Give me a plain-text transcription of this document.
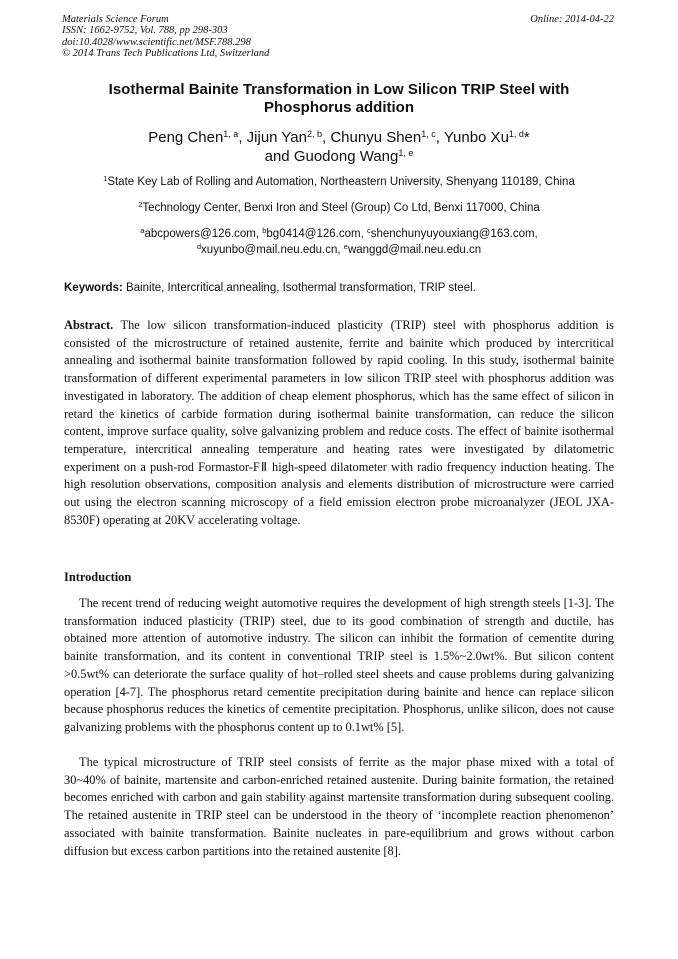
Materials Science Forum
ISSN: 1662-9752, Vol. 788, pp 298-303
doi:10.4028/www.scientific.net/MSF.788.298
© 2014 Trans Tech Publications Ltd, Switzerland
Online: 2014-04-22
Isothermal Bainite Transformation in Low Silicon TRIP Steel with
Phosphorus addition
Peng Chen$^{1, a}$, Jijun Yan$^{2, b}$, Chunyu Shen$^{1, c}$, Yunbo Xu$^{1, d}$*
and Guodong Wang$^{1, e}$
$^1$State Key Lab of Rolling and Automation, Northeastern University, Shenyang 110189, China
$^2$Technology Center, Benxi Iron and Steel (Group) Co Ltd, Benxi 117000, China
$^a$abcpowers@126.com, $^b$bg0414@126.com, $^c$shenchunyuyouxiang@163.com,
$^d$xuyunbo@mail.neu.edu.cn, $^e$wanggd@mail.neu.edu.cn
Keywords: Bainite, Intercritical annealing, Isothermal transformation, TRIP steel.
Abstract. The low silicon transformation-induced plasticity (TRIP) steel with phosphorus addition is consisted of the microstructure of retained austenite, ferrite and bainite which produced by intercritical annealing and isothermal bainite transformation followed by rapid cooling. In this study, isothermal bainite transformation of different experimental parameters in low silicon TRIP steel with phosphorus addition was investigated in laboratory. The addition of cheap element phosphorus, which has the same effect of silicon in retard the kinetics of carbide formation during isothermal bainite transformation, can reduce the silicon content, improve surface quality, solve galvanizing problem and reduce costs. The effect of bainite isothermal temperature, intercritical annealing temperature and heating rates were investigated by dilatometric experiment on a push-rod Formastor-FⅡ high-speed dilatometer with radio frequency induction heating. The high resolution observations, composition analysis and elements distribution of microstructure were carried out using the electron scanning microscopy of a field emission electron probe microanalyzer (JEOL JXA-8530F) operating at 20KV accelerating voltage.
Introduction
The recent trend of reducing weight automotive requires the development of high strength steels [1-3]. The transformation induced plasticity (TRIP) steel, due to its good combination of strength and ductile, has obtained more attention of automotive industry. The silicon can inhibit the formation of cementite during bainite transformation, and its content in conventional TRIP steel is 1.5%~2.0wt%. But silicon content >0.5wt% can deteriorate the surface quality of hot–rolled steel sheets and cause problems during galvanizing operation [4-7]. The phosphorus retard cementite precipitation during bainite and hence can replace silicon because phosphorus reduces the kinetics of cementite precipitation. Phosphorus, unlike silicon, does not cause galvanizing problems with the phosphorus content up to 0.1wt% [5].
The typical microstructure of TRIP steel consists of ferrite as the major phase mixed with a total of 30~40% of bainite, martensite and carbon-enriched retained austenite. During bainite formation, the retained becomes enriched with carbon and gain stability against martensite transformation during subsequent cooling. The retained austenite in TRIP steel can be understood in the theory of ‘incomplete reaction phenomenon’ associated with bainite transformation. Bainite nucleates in pare-equilibrium and grows without carbon diffusion but excess carbon partitions into the retained austenite [8].
